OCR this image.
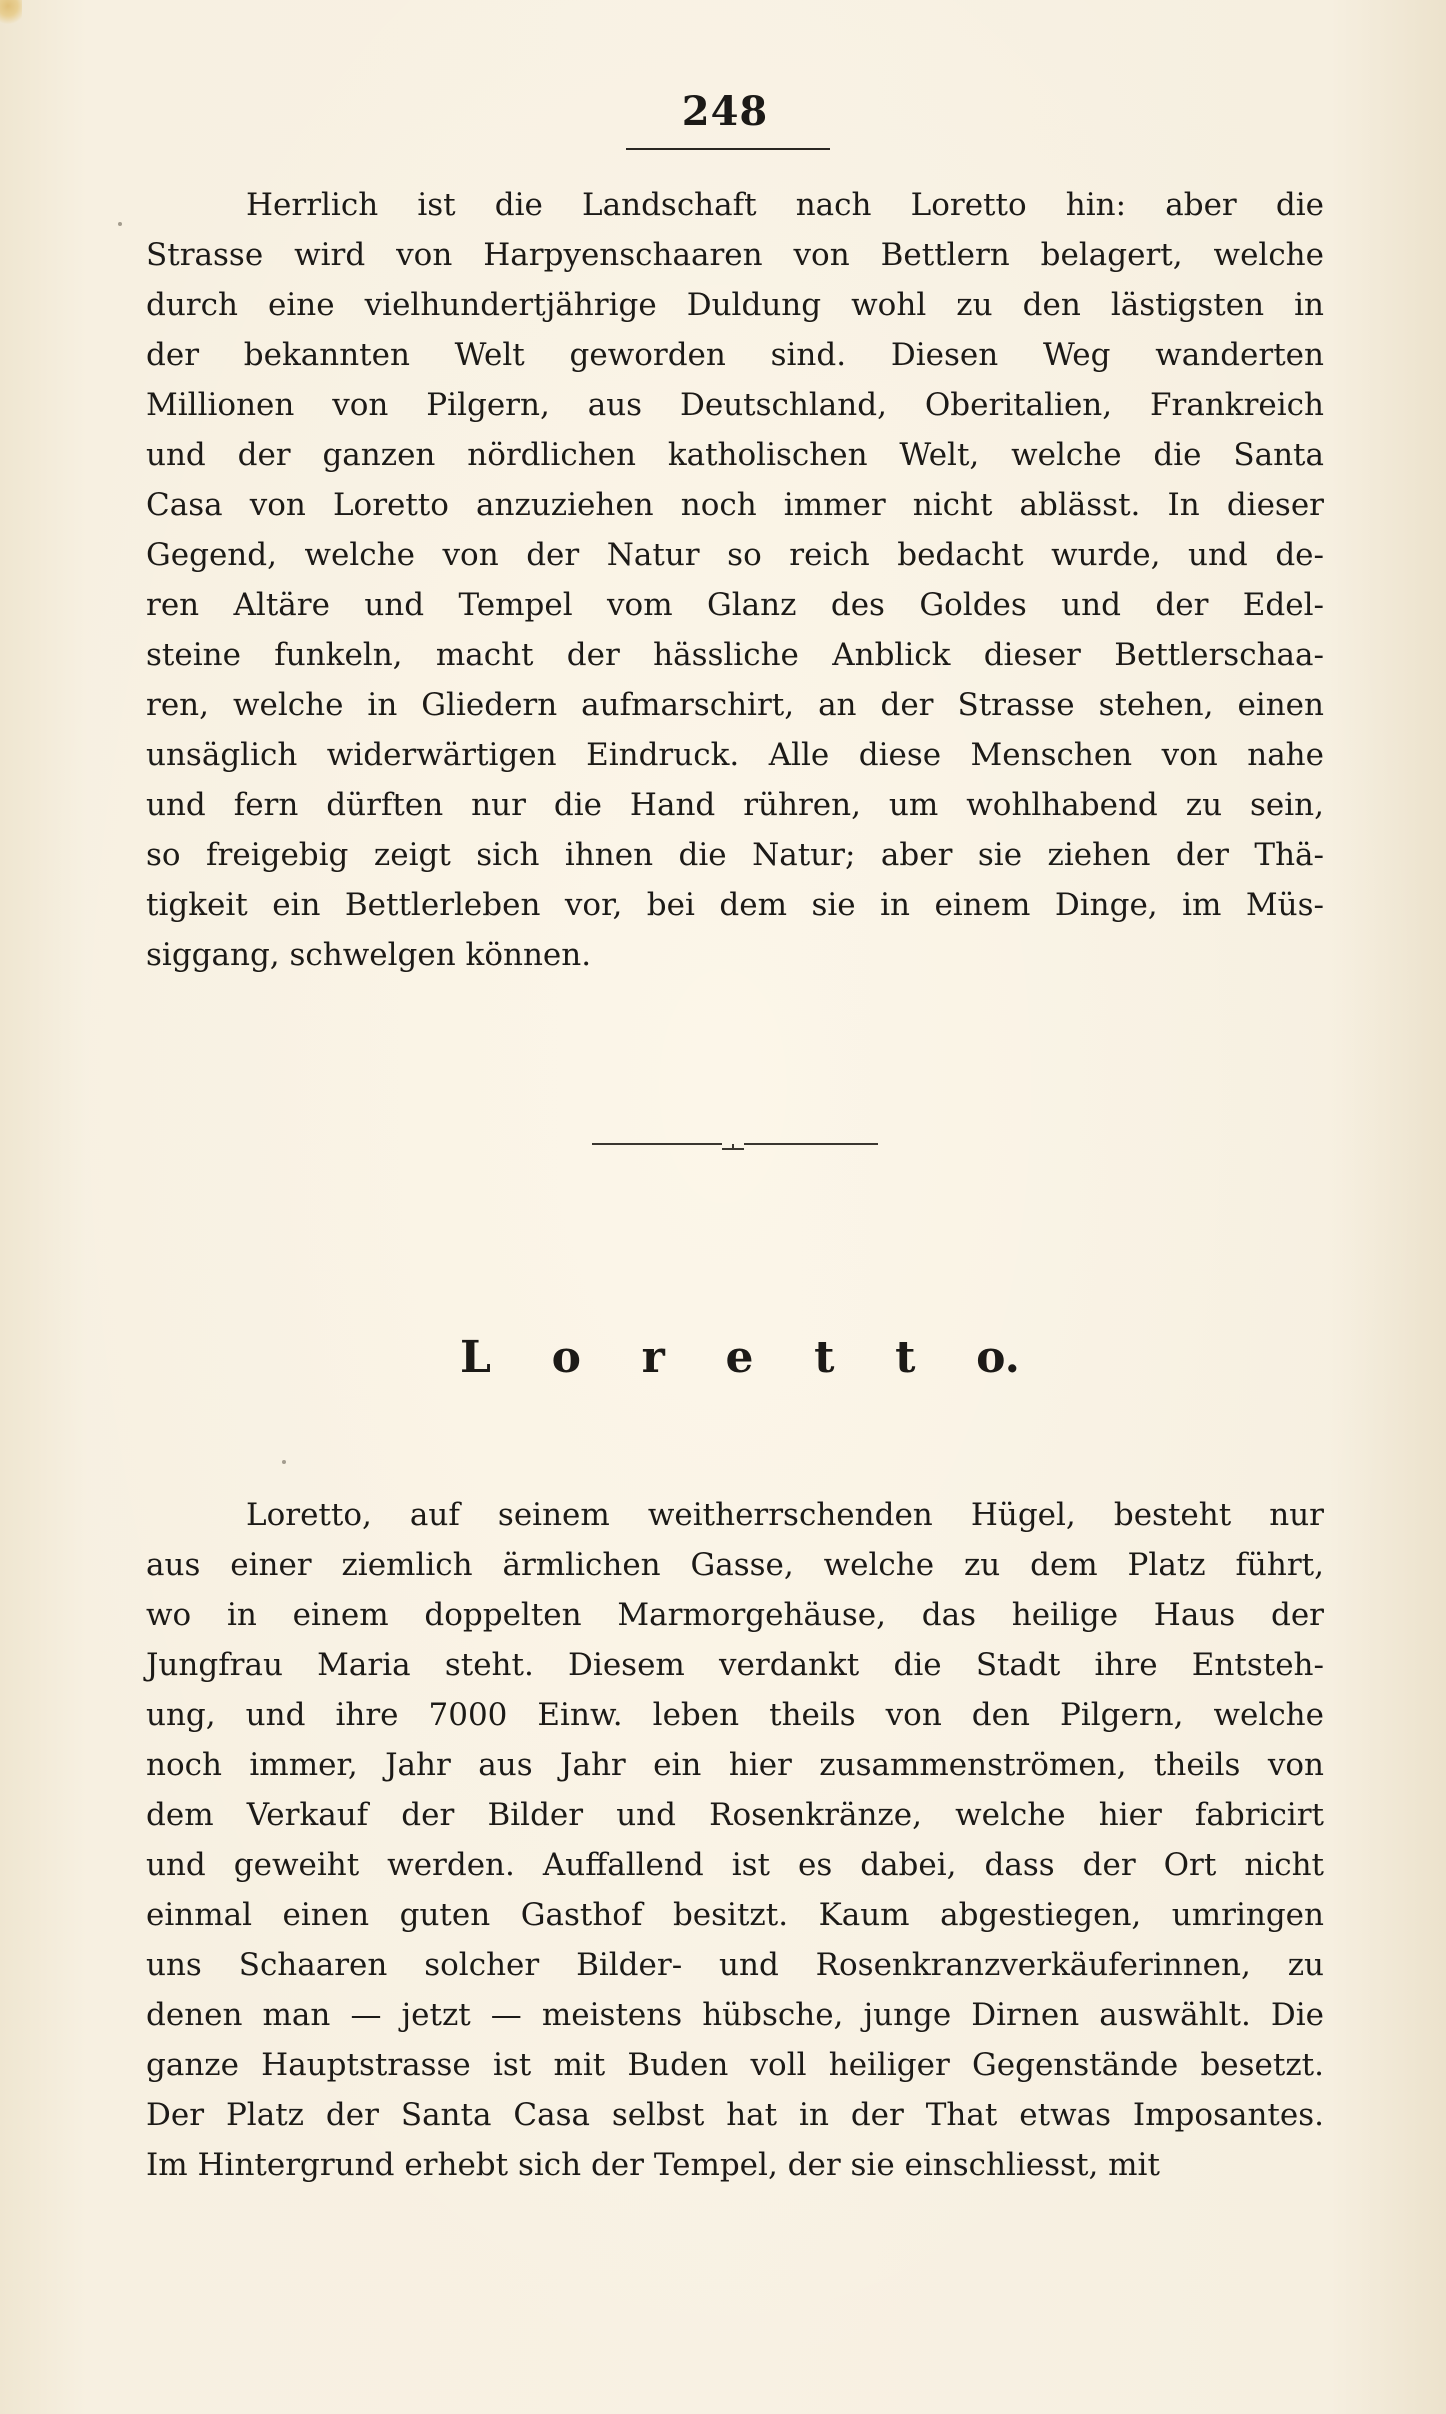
248
Herrlich ist die Landschaft nach Loretto hin: aber die
Strasse wird von Harpyenschaaren von Bettlern belagert, welche
durch eine vielhundertjährige Duldung wohl zu den lästigsten in
der bekannten Welt geworden sind. Diesen Weg wanderten
Millionen von Pilgern, aus Deutschland, Oberitalien, Frankreich
und der ganzen nördlichen katholischen Welt, welche die Santa
Casa von Loretto anzuziehen noch immer nicht ablässt. In dieser
Gegend, welche von der Natur so reich bedacht wurde, und de-
ren Altäre und Tempel vom Glanz des Goldes und der Edel-
steine funkeln, macht der hässliche Anblick dieser Bettlerschaa-
ren, welche in Gliedern aufmarschirt, an der Strasse stehen, einen
unsäglich widerwärtigen Eindruck. Alle diese Menschen von nahe
und fern dürften nur die Hand rühren, um wohlhabend zu sein,
so freigebig zeigt sich ihnen die Natur; aber sie ziehen der Thä-
tigkeit ein Bettlerleben vor, bei dem sie in einem Dinge, im Müs-
siggang, schwelgen können.
L o r e t t o.
Loretto, auf seinem weitherrschenden Hügel, besteht nur
aus einer ziemlich ärmlichen Gasse, welche zu dem Platz führt,
wo in einem doppelten Marmorgehäuse, das heilige Haus der
Jungfrau Maria steht. Diesem verdankt die Stadt ihre Entsteh-
ung, und ihre 7000 Einw. leben theils von den Pilgern, welche
noch immer, Jahr aus Jahr ein hier zusammenströmen, theils von
dem Verkauf der Bilder und Rosenkränze, welche hier fabricirt
und geweiht werden. Auffallend ist es dabei, dass der Ort nicht
einmal einen guten Gasthof besitzt. Kaum abgestiegen, umringen
uns Schaaren solcher Bilder- und Rosenkranzverkäuferinnen, zu
denen man — jetzt — meistens hübsche, junge Dirnen auswählt. Die
ganze Hauptstrasse ist mit Buden voll heiliger Gegenstände besetzt.
Der Platz der Santa Casa selbst hat in der That etwas Imposantes.
Im Hintergrund erhebt sich der Tempel, der sie einschliesst, mit
